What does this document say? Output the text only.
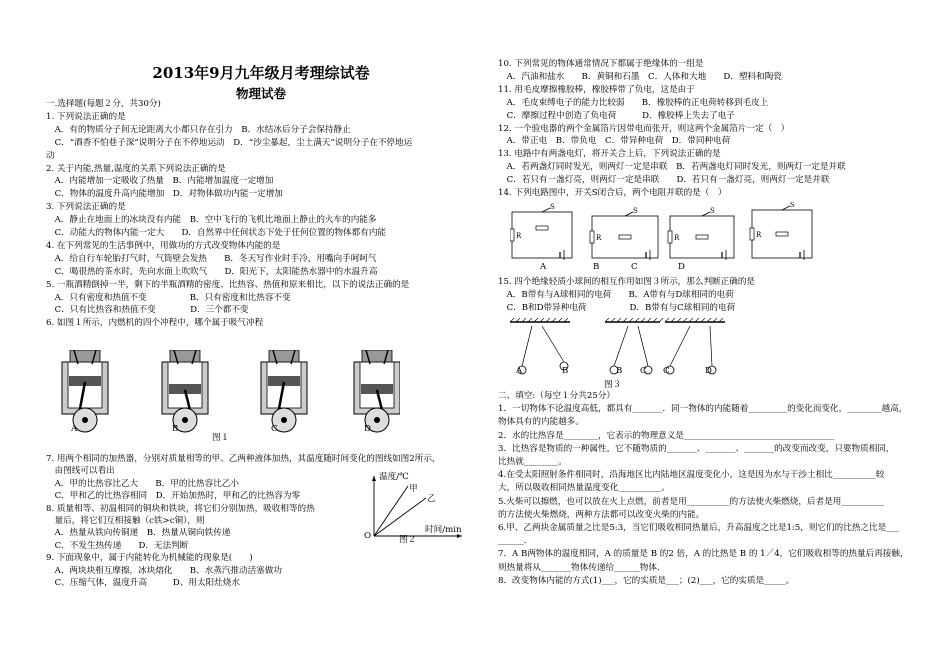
2013年9月九年级月考理综试卷
物理试卷
一.选择题(每题２分，共30分)
1. 下列说法正确的是
　A．有的物质分子间无论距离大小都只存在引力　B．水结冰后分子会保持静止
　C．“酒香不怕巷子深”说明分子在不停地运动　D．“沙尘暴起，尘土满天”说明分子在不停地运
动
2. 关于内能,热量,温度的关系下列说法正确的是
　A．内能增加一定吸收了热量　B．内能增加温度一定增加
　C．物体的温度升高内能增加　D．对物体做功内能一定增加
3. 下列说法正确的是
　A．静止在地面上的冰块没有内能　B．空中飞行的飞机比地面上静止的火车的内能多
　C．动能大的物体内能一定大　　D．自然界中任何状态下处于任何位置的物体都有内能
4. 在下列常见的生活事例中，用做功的方式改变物体内能的是
　A．给自行车轮胎打气时，气筒壁会发热　　B．冬天写作业时手冷，用嘴向手呵呵气
　C．喝很热的茶水时，先向水面上吹吹气　　D．阳光下，太阳能热水器中的水温升高
5. 一瓶酒精倒掉一半，剩下的半瓶酒精的密度、比热容、热值和原来相比，以下的说法正确的是
　A．只有密度和热值不变　　　　　B．只有密度和比热容不变
　C．只有比热容和热值不变　　　　D．三个都不变
6. 如图１所示，内燃机的四个冲程中，哪个属于吸气冲程
A	B	C	D
图１
7. 用两个相同的加热器，分别对质量相等的甲、乙两种液体加热，其温度随时间变化的图线如图2所示，
　由图线可以看出
　A．甲的比热容比乙大　　B．甲的比热容比乙小
　C．甲和乙的比热容相同　D．开始加热时，甲和乙的比热容为零
8. 质量相等、初温相同的铜块和铁块，将它们分别加热，吸收相等的热
　量后，将它们互相接触（c铁>c铜），则
　A．热量从铁向传铜递　B．热量从铜向铁传递
　C．不发生热传递　　D．无法判断
9. 下面现象中，属于内能转化为机械能的现象是(　　)
　A、两块块相互摩擦，冰块熔化　　B、水蒸汽推动活塞做功
　C、压缩气体，温度升高　　　D、用太阳灶烧水
温度/℃
甲
乙
时间/min
O	图２
10. 下列常见的物体通常情况下都属于绝缘体的一组是
　A．汽油和盐水　　B．黄铜和石墨　C．人体和大地　　D．塑料和陶瓷
11. 用毛皮摩擦橡胶棒，橡胶棒带了负电，这是由于
　A．毛皮束缚电子的能力比较弱　　B．橡胶棒的正电荷转移到毛皮上
　C．摩擦过程中创造了负电荷　　　D．橡胶棒上失去了电子
12. 一个验电器的两个金属箔片因带电而张开，则这两个金属箔片一定（　）
　A．带正电　B．带负电　C．带异种电荷　D．带同种电荷
13. 电路中有两盏电灯，将开关合上后，下列说法正确的是
　A．若两盏灯同时发光，则两灯一定是串联　B．若两盏电灯同时发光，则两灯一定是并联
　C．若只有一盏灯亮，则两灯一定是串联　　D．若只有一盏灯亮，则两灯一定是并联
14. 下列电路图中，开关S闭合后，两个电阻并联的是（　）
S
R
S
R
S
R
S
R
A	B	C	D
15. 四个绝缘轻质小球间的相互作用如图３所示，那么判断正确的是
　A．B带有与A球相同的电荷　　B．A带有与D球相同的电荷
　C．B和D带异种电荷　　　　　D．B带有与C球相同的电荷
A	B	B C C	D
图３
二、填空:（每空１分共25分）
1．一切物体不论温度高低，都具有_______．同一物体的内能随着_________的变化而变化，________越高，
物体具有的内能越多。
2．水的比热容是________，它表示的物理意义是___________________________________
3．比热容是物质的一种属性，它不随物质的_______、_______、_______的改变而改变，只要物质相同，
比热就________。
4.在受太阳照射条件相同时，沿海地区比内陆地区温度变化小，这是因为水与干沙土相比__________较
大，所以吸收相同热量温度变化__________。
5.火柴可以擦燃，也可以放在火上点燃，前者是用__________的方法使火柴燃烧，后者是用__________
的方法使火柴燃烧，两种方法都可以改变火柴的内能。
6.甲、乙两块金属质量之比是5:3，当它们吸收相同热量后，升高温度之比是1:5，则它们的比热之比是___
______．
7．A B两物体的温度相同，A 的质量是 B 的2 倍，A 的比热是 B 的 1／4，它们吸收相等的热量后再接触，
则热量将从_______物体传递给______物体．
8．改变物体内能的方式(1)___，它的实质是___；(2)___，它的实质是_____。
